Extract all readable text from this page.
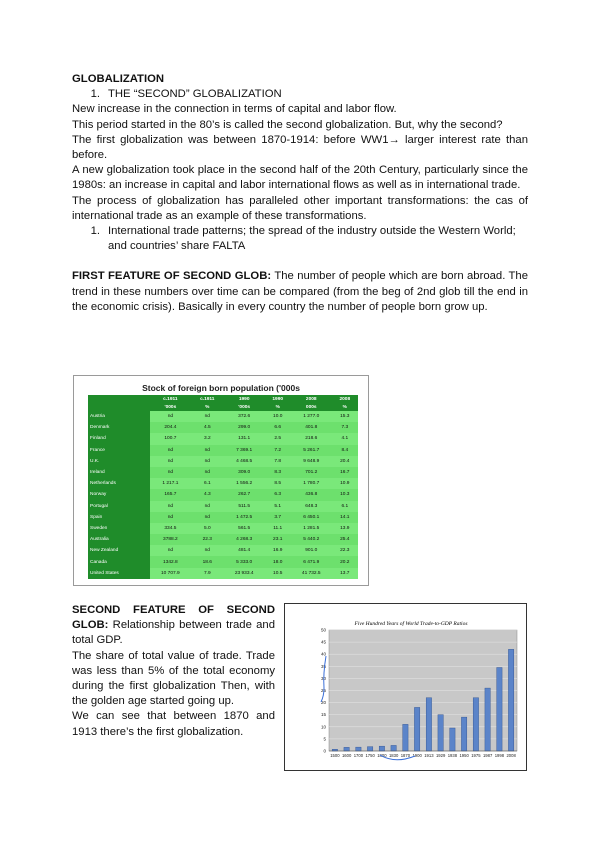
GLOBALIZATION

1. THE “SECOND” GLOBALIZATION

New increase in the connection in terms of capital and labor flow.

This period started in the 80’s is called the second globalization. But, why the second?

The first globalization was between 1870-1914: before WW1→ larger interest rate than before.

A new globalization took place in the second half of the 20th Century, particularly since the 1980s: an increase in capital and labor international flows as well as in international trade.

The process of globalization has paralleled other important transformations: the cas of international trade as an example of these transformations.

1. International trade patterns; the spread of the industry outside the Western World; and countries’ share FALTA

FIRST FEATURE OF SECOND GLOB: The number of people which are born abroad. The trend in these numbers over time can be compared (from the beg of 2nd glob till the end in the economic crisis). Basically in every country the number of people born grow up.

Stock of foreign born population ('000s
	c.1911	c.1911	1990	1990	2008	2008
	'000s	%	'000s	%	000s	%
Austria	nd	nd	372.6	10.0	1 277.0	15.3
Denmark	204.4	4.5	299.0	6.6	401.8	7.3
Finland	100.7	3.2	131.1	2.5	218.6	4.1
France	nd	nd	7 369.1	7.2	5 261.7	8.4
U.K.	nd	nd	4 468.5	7.8	9 648.9	20.4
Ireland	nd	nd	309.0	8.3	701.2	16.7
Netherlands	1 217.1	6.1	1 556.2	8.5	1 780.7	10.9
Norway	165.7	4.3	262.7	6.3	436.8	10.3
Portugal	nd	nd	511.5	5.1	648.3	6.1
Spain	nd	nd	1 472.5	3.7	6 450.1	14.1
Sweden	334.5	5.0	561.5	11.1	1 281.5	13.9
Australia	3788.2	22.3	4 268.3	23.1	5 440.2	25.4
New Zealand	nd	nd	481.4	16.9	901.0	22.3
Canada	1342.8	18.6	5 333.0	18.0	6 471.9	20.2
United States	10 707.9	7.9	23 933.4	10.5	41 732.5	13.7

SECOND FEATURE OF SECOND GLOB: Relationship between trade and total GDP.

The share of total value of trade. Trade was less than 5% of the total economy during the first globalization Then, with the golden age started going up.

We can see that between 1870 and 1913 there’s the first globalization.

Five Hundred Years of World Trade-to-GDP Ratios
0
5
10
15
20
25
30
35
40
45
50
1500 1600 1700 1750 1800 1830 1870 1900 1913 1929 1938 1950 1975 1987 1998 2008
